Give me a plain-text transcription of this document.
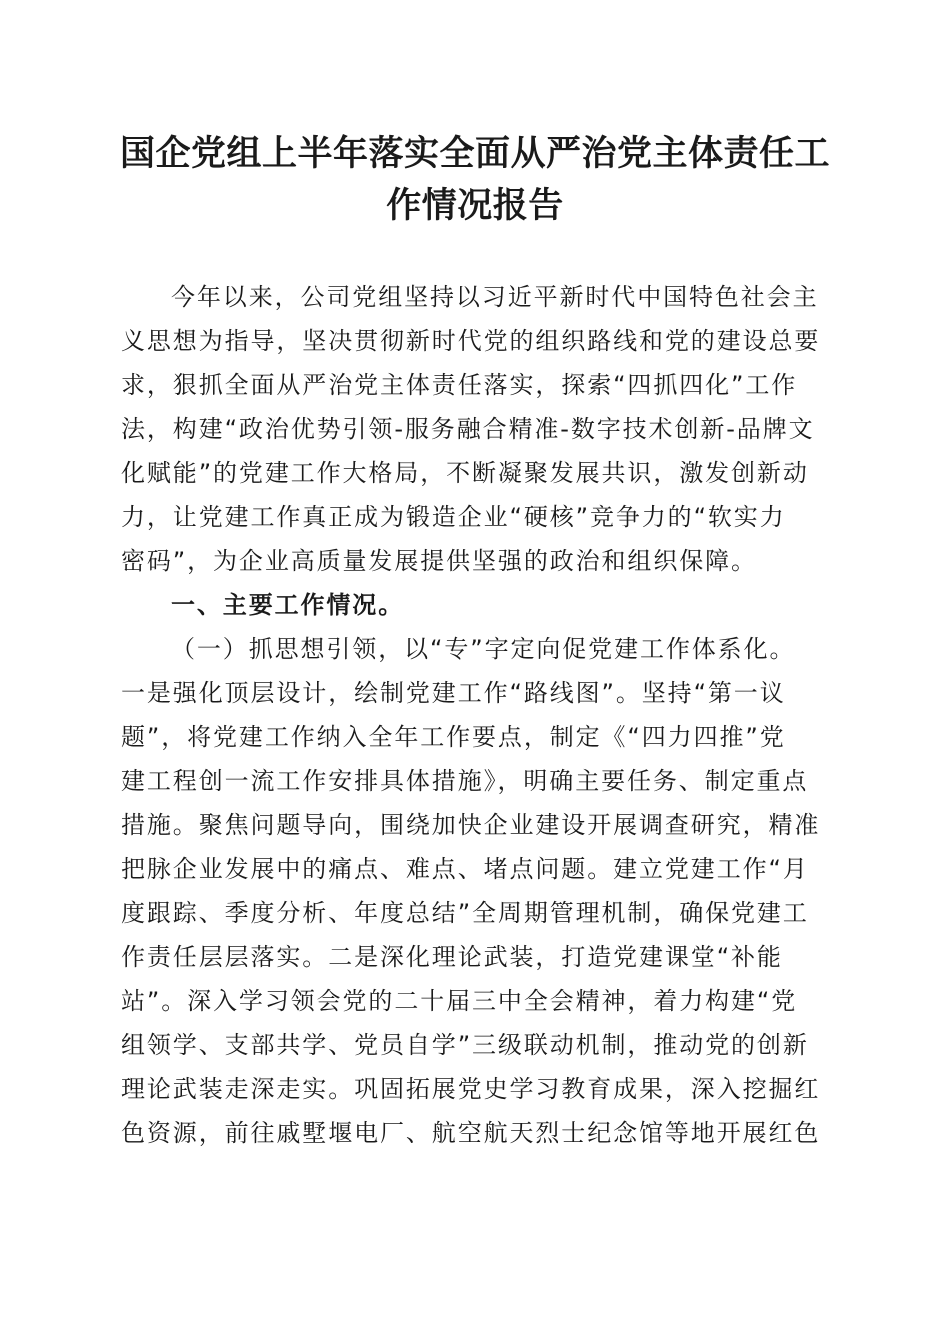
国企党组上半年落实全面从严治党主体责任工
作情况报告
今年以来，公司党组坚持以习近平新时代中国特色社会主
义思想为指导，坚决贯彻新时代党的组织路线和党的建设总要
求，狠抓全面从严治党主体责任落实，探索“四抓四化”工作
法，构建“政治优势引领-服务融合精准-数字技术创新-品牌文
化赋能”的党建工作大格局，不断凝聚发展共识，激发创新动
力，让党建工作真正成为锻造企业“硬核”竞争力的“软实力
密码”，为企业高质量发展提供坚强的政治和组织保障。
一、主要工作情况。
（一）抓思想引领，以“专”字定向促党建工作体系化。
一是强化顶层设计，绘制党建工作“路线图”。坚持“第一议
题”，将党建工作纳入全年工作要点，制定《“四力四推”党
建工程创一流工作安排具体措施》，明确主要任务、制定重点
措施。聚焦问题导向，围绕加快企业建设开展调查研究，精准
把脉企业发展中的痛点、难点、堵点问题。建立党建工作“月
度跟踪、季度分析、年度总结”全周期管理机制，确保党建工
作责任层层落实。二是深化理论武装，打造党建课堂“补能
站”。深入学习领会党的二十届三中全会精神，着力构建“党
组领学、支部共学、党员自学”三级联动机制，推动党的创新
理论武装走深走实。巩固拓展党史学习教育成果，深入挖掘红
色资源，前往戚墅堰电厂、航空航天烈士纪念馆等地开展红色
